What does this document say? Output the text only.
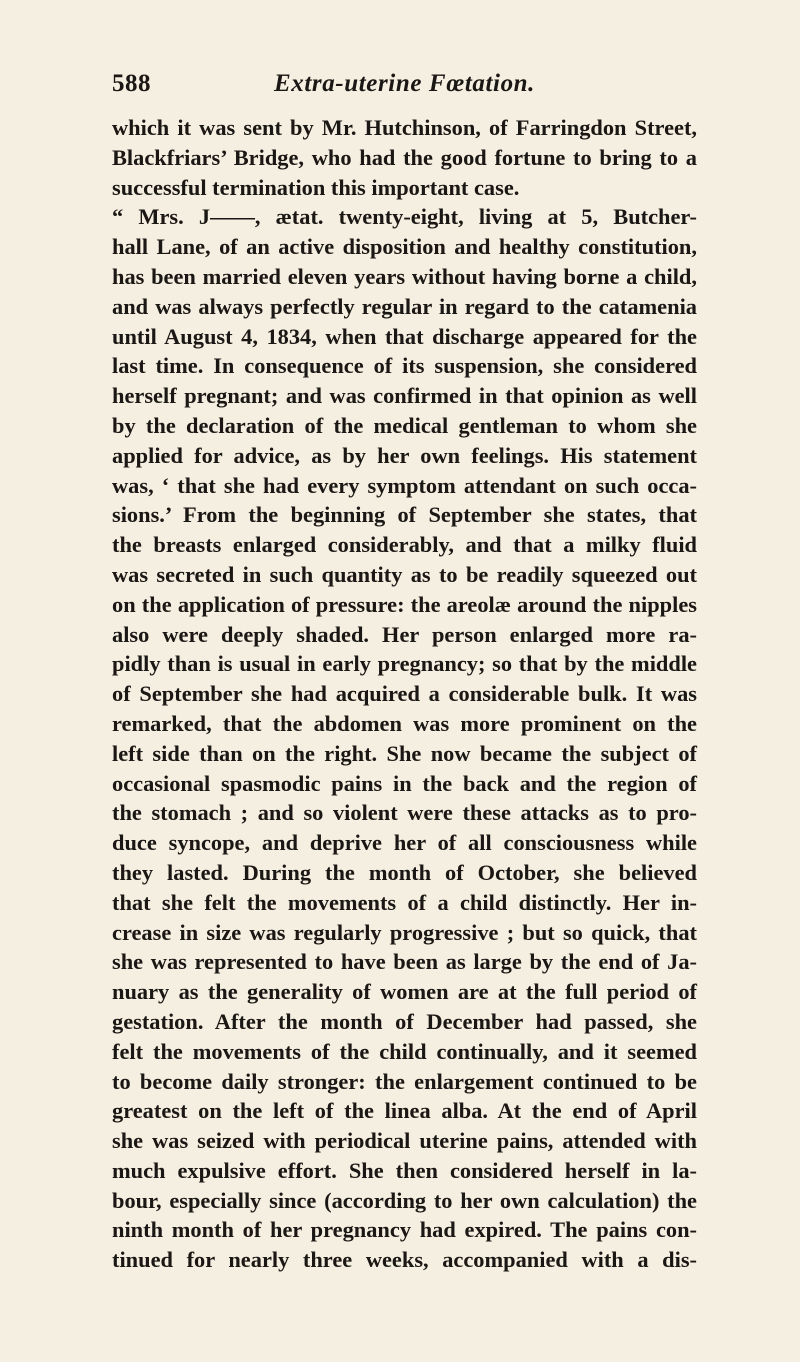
588	Extra-uterine Fœtation.
which it was sent by Mr. Hutchinson, of Farringdon Street,
Blackfriars’ Bridge, who had the good fortune to bring to a
successful termination this important case.
“ Mrs. J——, ætat. twenty-eight, living at 5, Butcher-
hall Lane, of an active disposition and healthy constitution,
has been married eleven years without having borne a child,
and was always perfectly regular in regard to the catamenia
until August 4, 1834, when that discharge appeared for the
last time. In consequence of its suspension, she considered
herself pregnant; and was confirmed in that opinion as well
by the declaration of the medical gentleman to whom she
applied for advice, as by her own feelings. His statement
was, ‘ that she had every symptom attendant on such occa-
sions.’ From the beginning of September she states, that
the breasts enlarged considerably, and that a milky fluid
was secreted in such quantity as to be readily squeezed out
on the application of pressure: the areolæ around the nipples
also were deeply shaded. Her person enlarged more ra-
pidly than is usual in early pregnancy; so that by the middle
of September she had acquired a considerable bulk. It was
remarked, that the abdomen was more prominent on the
left side than on the right. She now became the subject of
occasional spasmodic pains in the back and the region of
the stomach ; and so violent were these attacks as to pro-
duce syncope, and deprive her of all consciousness while
they lasted. During the month of October, she believed
that she felt the movements of a child distinctly. Her in-
crease in size was regularly progressive ; but so quick, that
she was represented to have been as large by the end of Ja-
nuary as the generality of women are at the full period of
gestation. After the month of December had passed, she
felt the movements of the child continually, and it seemed
to become daily stronger: the enlargement continued to be
greatest on the left of the linea alba. At the end of April
she was seized with periodical uterine pains, attended with
much expulsive effort. She then considered herself in la-
bour, especially since (according to her own calculation) the
ninth month of her pregnancy had expired. The pains con-
tinued for nearly three weeks, accompanied with a dis-
